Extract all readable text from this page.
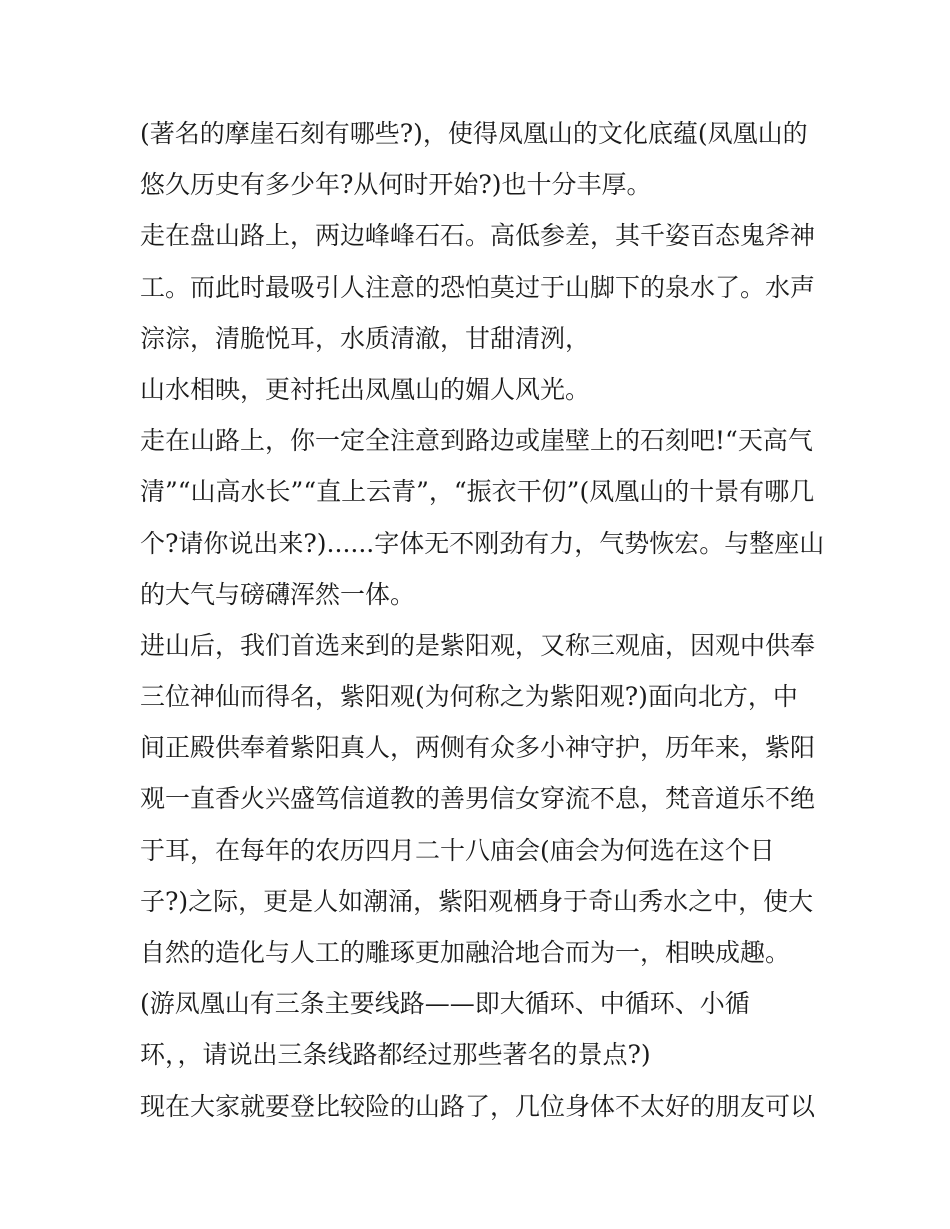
(著名的摩崖石刻有哪些?)，使得凤凰山的文化底蕴(凤凰山的
悠久历史有多少年?从何时开始?)也十分丰厚。
走在盘山路上，两边峰峰石石。高低参差，其千姿百态鬼斧神
工。而此时最吸引人注意的恐怕莫过于山脚下的泉水了。水声
淙淙，清脆悦耳，水质清澈，甘甜清洌，
山水相映，更衬托出凤凰山的媚人风光。
走在山路上，你一定全注意到路边或崖壁上的石刻吧!“天高气
清”“山高水长”“直上云青”，“振衣干仞”(凤凰山的十景有哪几
个?请你说出来?)......字体无不刚劲有力，气势恢宏。与整座山
的大气与磅礴浑然一体。
进山后，我们首选来到的是紫阳观，又称三观庙，因观中供奉
三位神仙而得名，紫阳观(为何称之为紫阳观?)面向北方，中
间正殿供奉着紫阳真人，两侧有众多小神守护，历年来，紫阳
观一直香火兴盛笃信道教的善男信女穿流不息，梵音道乐不绝
于耳，在每年的农历四月二十八庙会(庙会为何选在这个日
子?)之际，更是人如潮涌，紫阳观栖身于奇山秀水之中，使大
自然的造化与人工的雕琢更加融洽地合而为一，相映成趣。
(游凤凰山有三条主要线路——即大循环、中循环、小循
环，，请说出三条线路都经过那些著名的景点?)
现在大家就要登比较险的山路了，几位身体不太好的朋友可以
